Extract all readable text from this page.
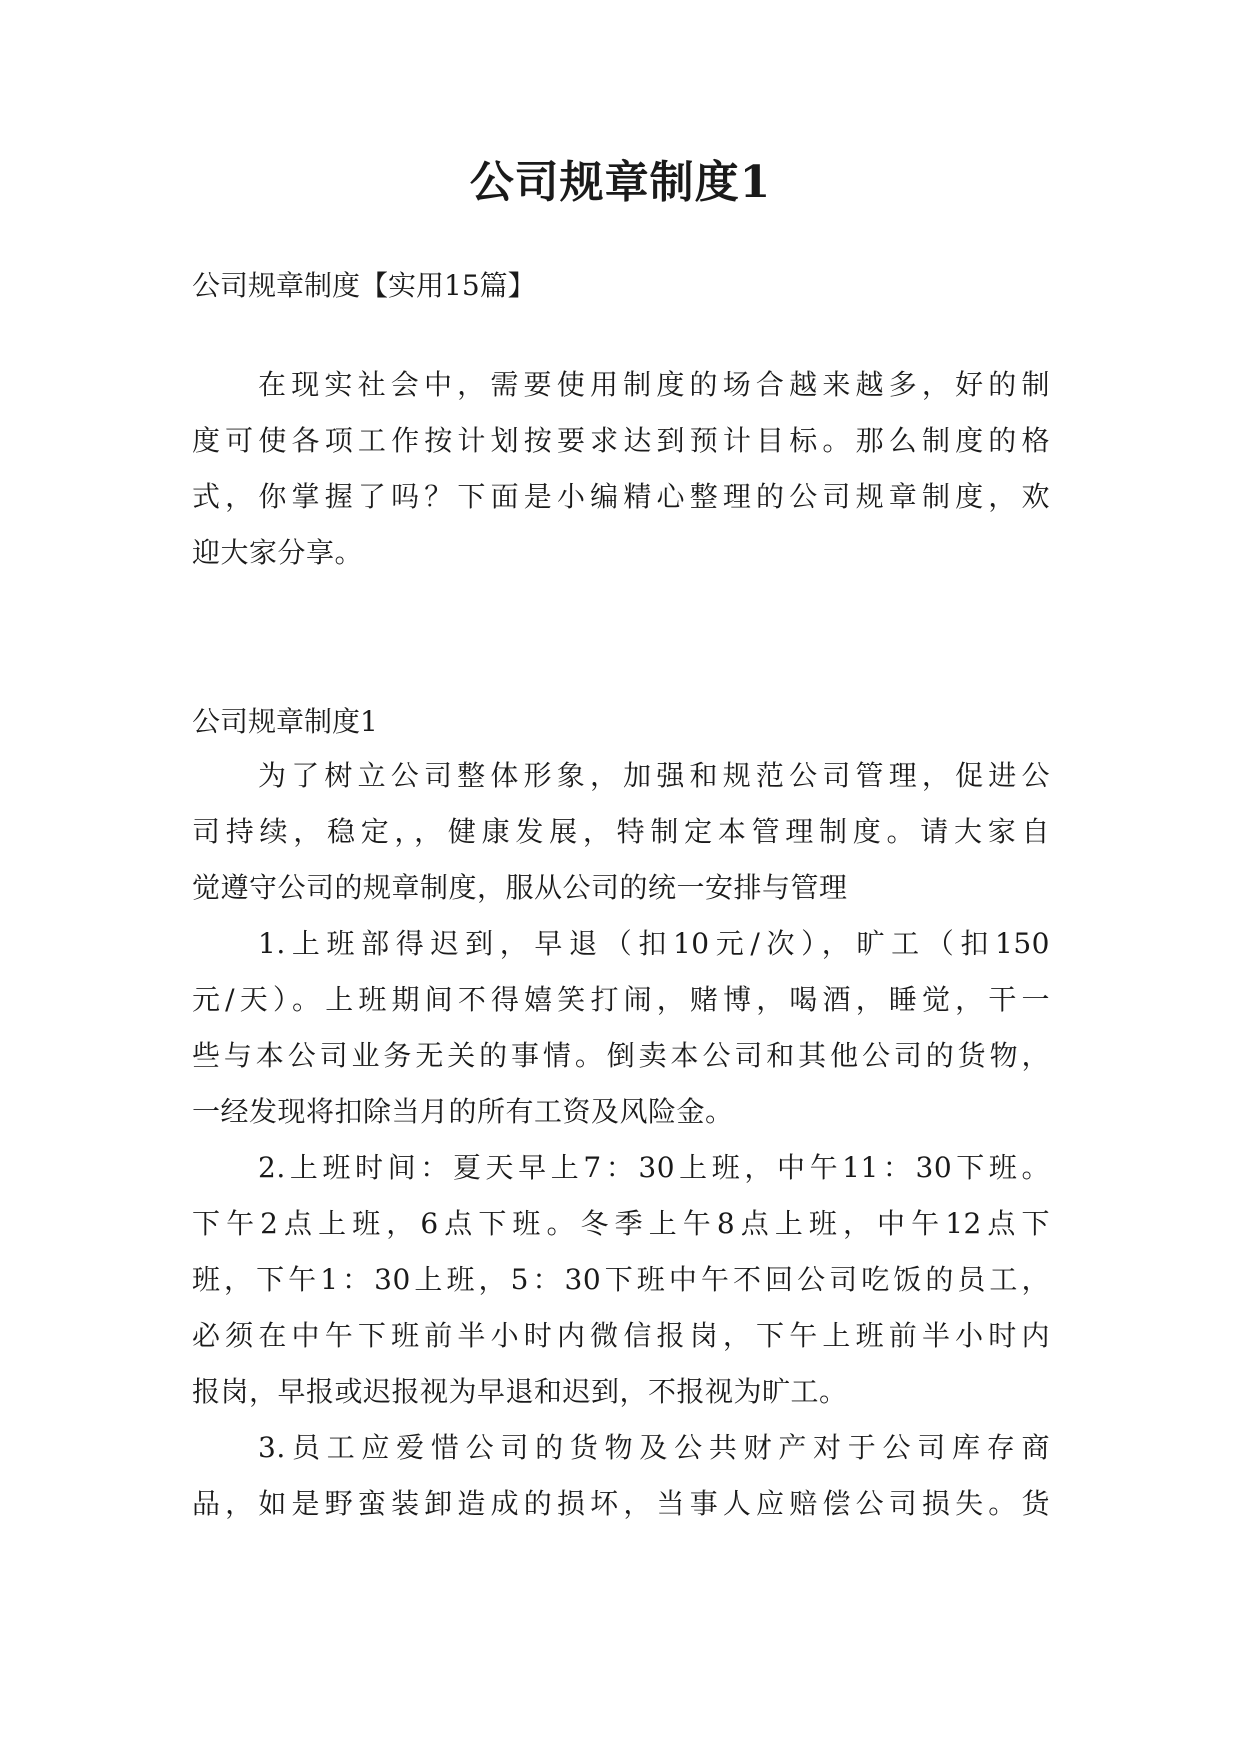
公司规章制度1

公司规章制度【实用15篇】

在现实社会中，需要使用制度的场合越来越多，好的制

度可使各项工作按计划按要求达到预计目标。那么制度的格

式，你掌握了吗？下面是小编精心整理的公司规章制度，欢

迎大家分享。

公司规章制度1

为了树立公司整体形象，加强和规范公司管理，促进公

司持续，稳定，，健康发展，特制定本管理制度。请大家自

觉遵守公司的规章制度，服从公司的统一安排与管理

1.上班部得迟到，早退（扣10元/次），旷工（扣150

元/天）。上班期间不得嬉笑打闹，赌博，喝酒，睡觉，干一

些与本公司业务无关的事情。倒卖本公司和其他公司的货物，

一经发现将扣除当月的所有工资及风险金。

2.上班时间：夏天早上7：30上班，中午11：30下班。

下午2点上班，6点下班。冬季上午8点上班，中午12点下

班，下午1：30上班，5：30下班中午不回公司吃饭的员工，

必须在中午下班前半小时内微信报岗，下午上班前半小时内

报岗，早报或迟报视为早退和迟到，不报视为旷工。

3.员工应爱惜公司的货物及公共财产对于公司库存商

品，如是野蛮装卸造成的损坏，当事人应赔偿公司损失。货
